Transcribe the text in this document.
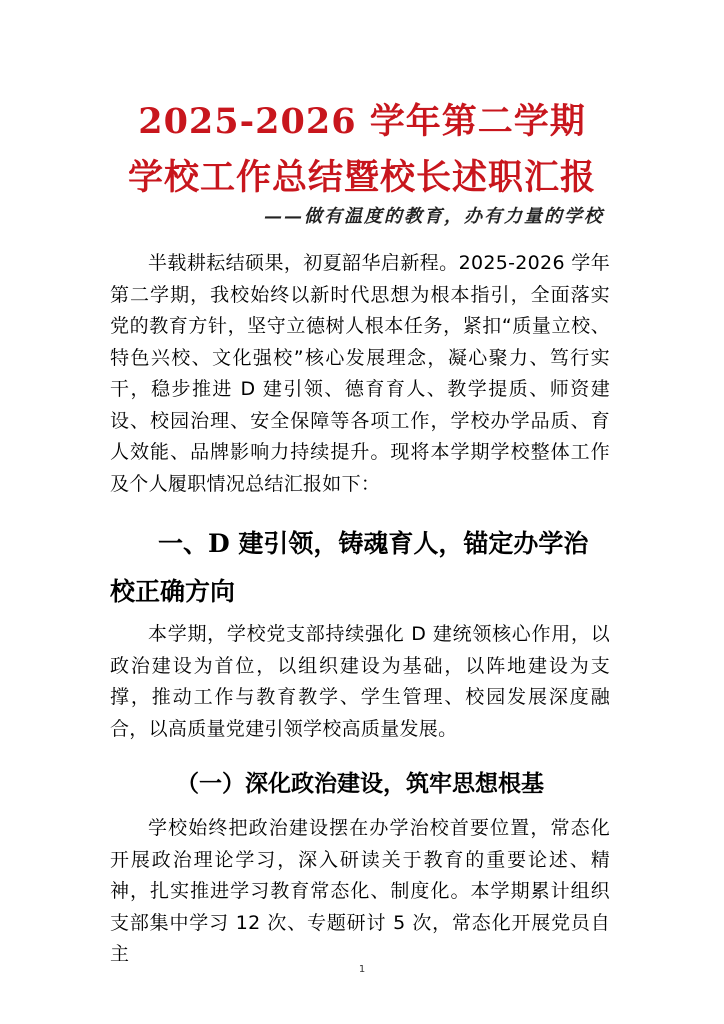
2025-2026 学年第二学期
学校工作总结暨校长述职汇报
——做有温度的教育，办有力量的学校

半载耕耘结硕果，初夏韶华启新程。2025-2026 学年第二学期，我校始终以新时代思想为根本指引，全面落实党的教育方针，坚守立德树人根本任务，紧扣“质量立校、特色兴校、文化强校”核心发展理念，凝心聚力、笃行实干，稳步推进 D 建引领、德育育人、教学提质、师资建设、校园治理、安全保障等各项工作，学校办学品质、育人效能、品牌影响力持续提升。现将本学期学校整体工作及个人履职情况总结汇报如下：

一、D 建引领，铸魂育人，锚定办学治校正确方向

本学期，学校党支部持续强化 D 建统领核心作用，以政治建设为首位，以组织建设为基础，以阵地建设为支撑，推动工作与教育教学、学生管理、校园发展深度融合，以高质量党建引领学校高质量发展。

（一）深化政治建设，筑牢思想根基

学校始终把政治建设摆在办学治校首要位置，常态化开展政治理论学习，深入研读关于教育的重要论述、精神，扎实推进学习教育常态化、制度化。本学期累计组织支部集中学习 12 次、专题研讨 5 次，常态化开展党员自主

1
